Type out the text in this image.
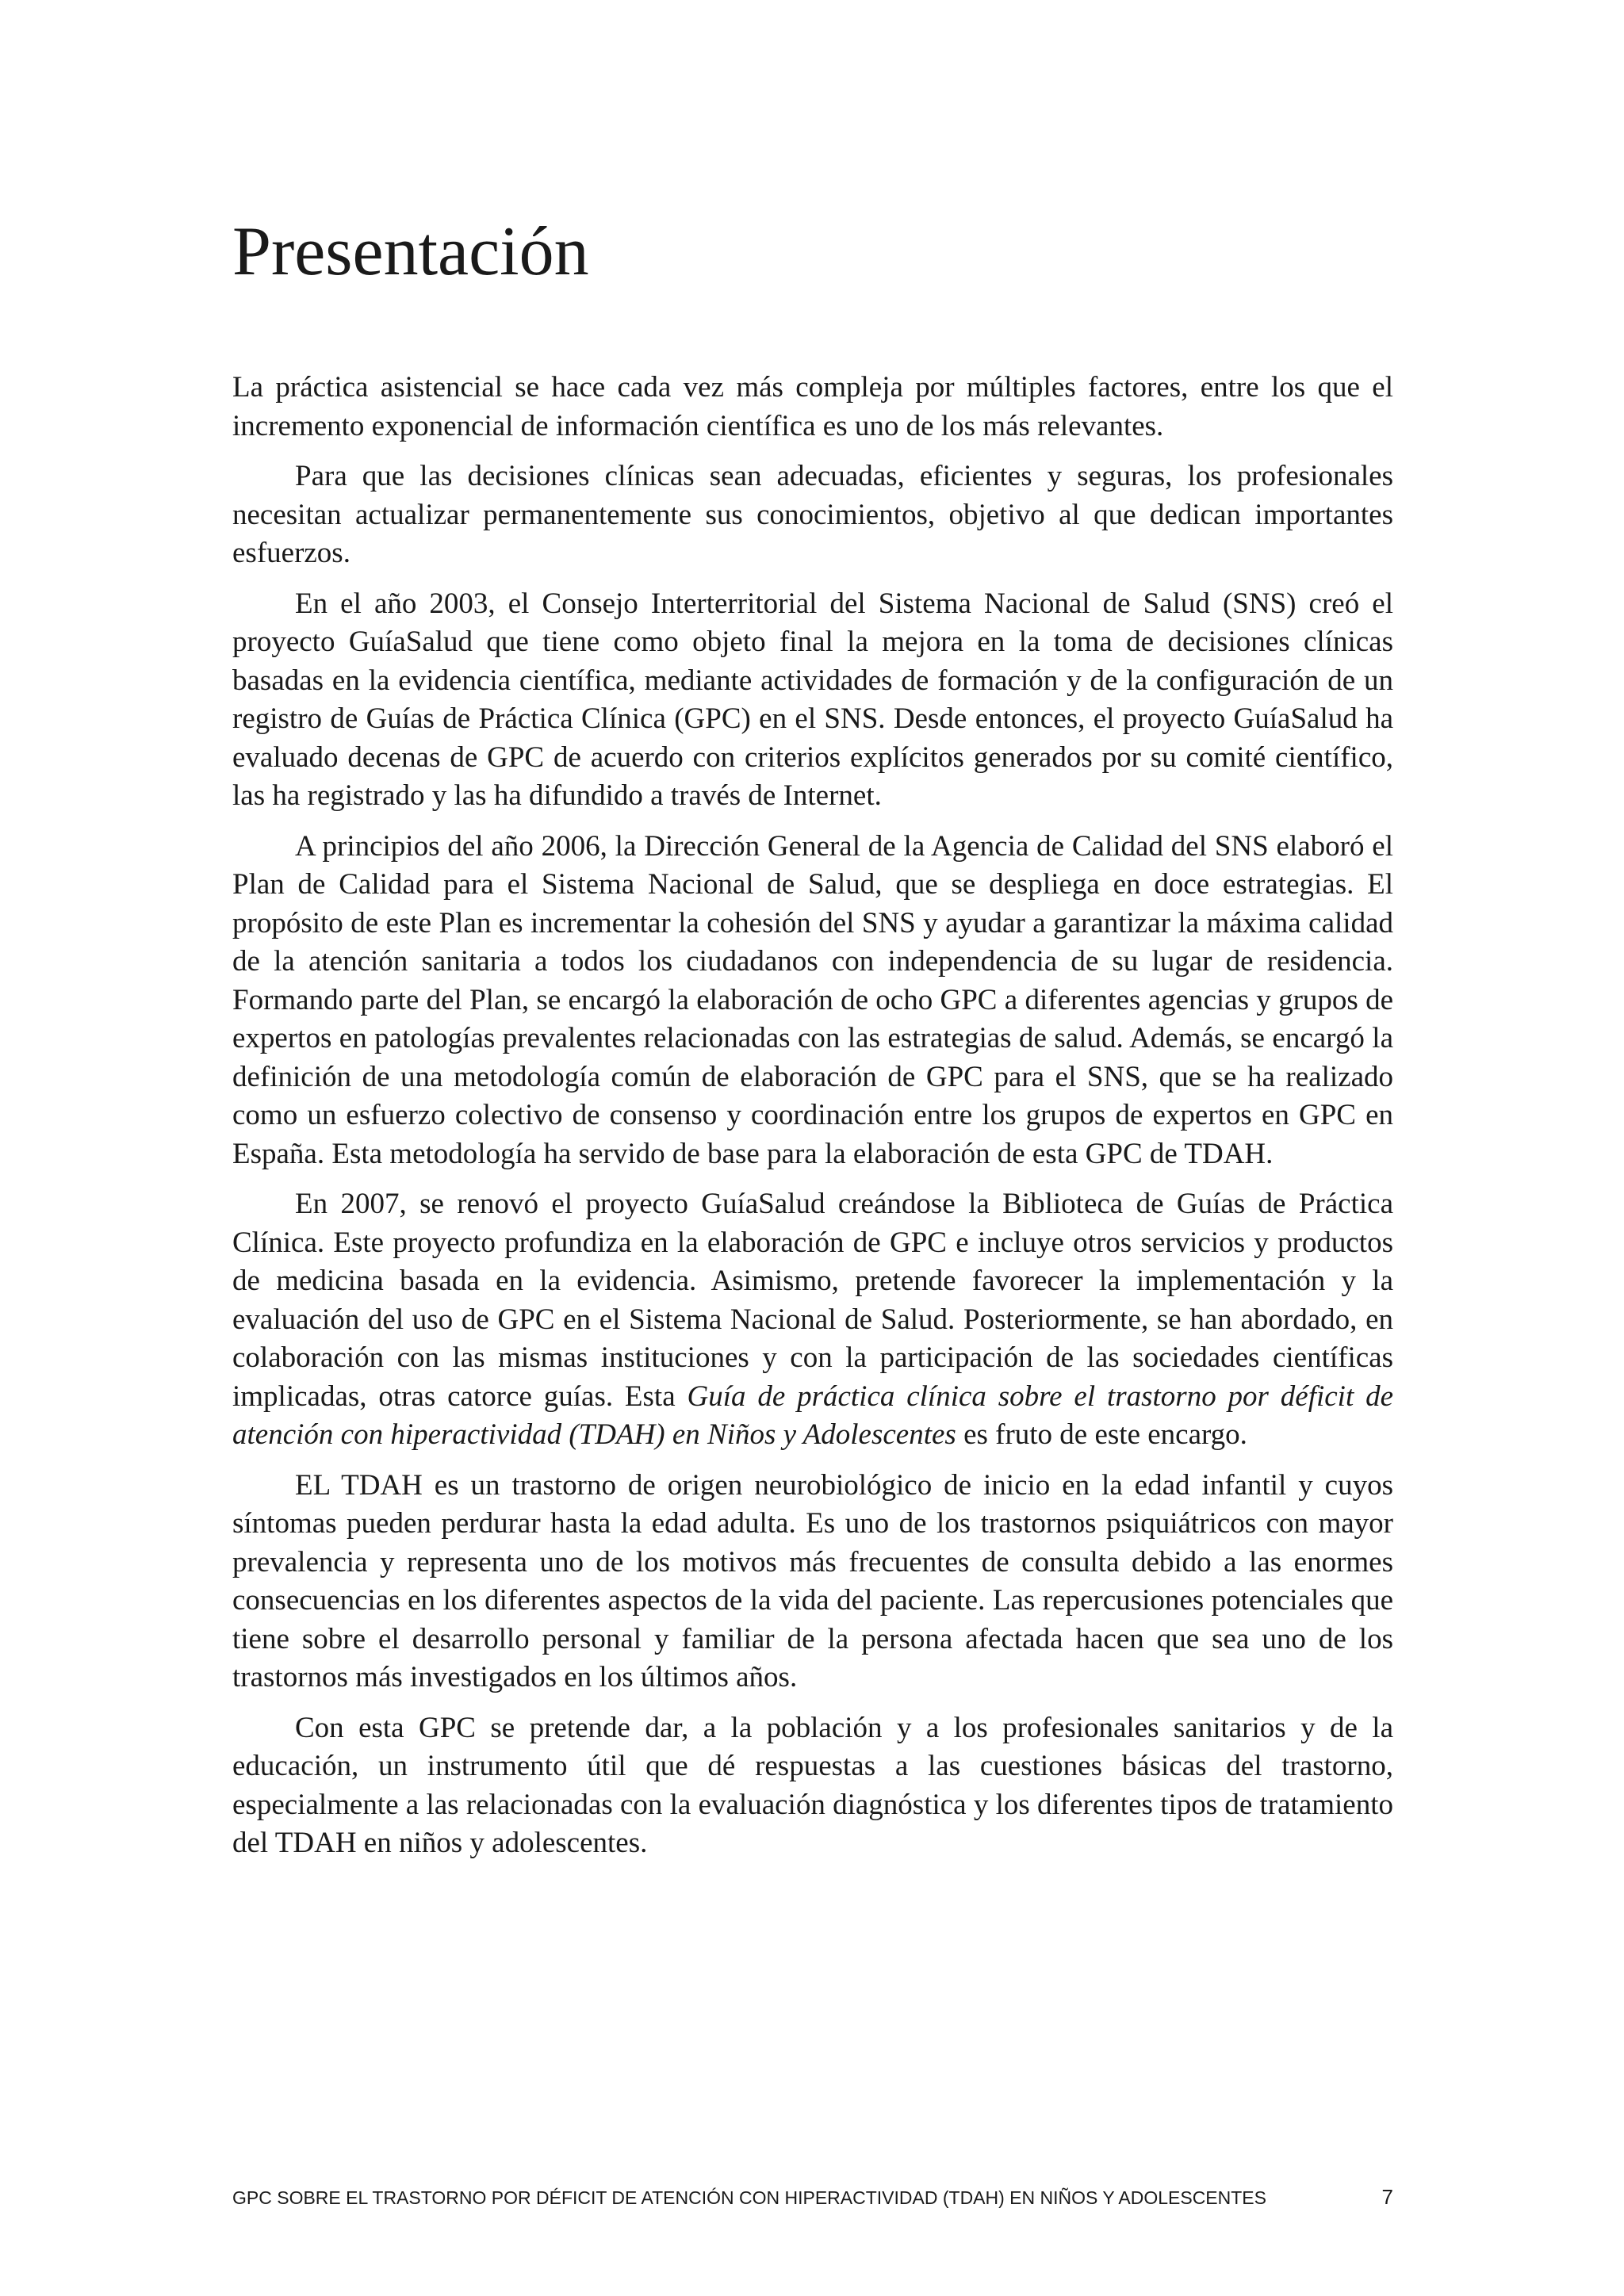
Presentación

La práctica asistencial se hace cada vez más compleja por múltiples factores, entre los que el incremento exponencial de información científica es uno de los más relevantes.

Para que las decisiones clínicas sean adecuadas, eficientes y seguras, los profesionales necesitan actualizar permanentemente sus conocimientos, objetivo al que dedican importantes esfuerzos.

En el año 2003, el Consejo Interterritorial del Sistema Nacional de Salud (SNS) creó el proyecto GuíaSalud que tiene como objeto final la mejora en la toma de decisiones clínicas basadas en la evidencia científica, mediante actividades de formación y de la configuración de un registro de Guías de Práctica Clínica (GPC) en el SNS. Desde entonces, el proyecto GuíaSalud ha evaluado decenas de GPC de acuerdo con criterios explícitos generados por su comité científico, las ha registrado y las ha difundido a través de Internet.

A principios del año 2006, la Dirección General de la Agencia de Calidad del SNS elaboró el Plan de Calidad para el Sistema Nacional de Salud, que se despliega en doce estrategias. El propósito de este Plan es incrementar la cohesión del SNS y ayudar a garantizar la máxima calidad de la atención sanitaria a todos los ciudadanos con independencia de su lugar de residencia. Formando parte del Plan, se encargó la elaboración de ocho GPC a diferentes agencias y grupos de expertos en patologías prevalentes relacionadas con las estrategias de salud. Además, se encargó la definición de una metodología común de elaboración de GPC para el SNS, que se ha realizado como un esfuerzo colectivo de consenso y coordinación entre los grupos de expertos en GPC en España. Esta metodología ha servido de base para la elaboración de esta GPC de TDAH.

En 2007, se renovó el proyecto GuíaSalud creándose la Biblioteca de Guías de Práctica Clínica. Este proyecto profundiza en la elaboración de GPC e incluye otros servicios y productos de medicina basada en la evidencia. Asimismo, pretende favorecer la implementación y la evaluación del uso de GPC en el Sistema Nacional de Salud. Posteriormente, se han abordado, en colaboración con las mismas instituciones y con la participación de las sociedades científicas implicadas, otras catorce guías. Esta Guía de práctica clínica sobre el trastorno por déficit de atención con hiperactividad (TDAH) en Niños y Adolescentes es fruto de este encargo.

EL TDAH es un trastorno de origen neurobiológico de inicio en la edad infantil y cuyos síntomas pueden perdurar hasta la edad adulta. Es uno de los trastornos psiquiátricos con mayor prevalencia y representa uno de los motivos más frecuentes de consulta debido a las enormes consecuencias en los diferentes aspectos de la vida del paciente. Las repercusiones potenciales que tiene sobre el desarrollo personal y familiar de la persona afectada hacen que sea uno de los trastornos más investigados en los últimos años.

Con esta GPC se pretende dar, a la población y a los profesionales sanitarios y de la educación, un instrumento útil que dé respuestas a las cuestiones básicas del trastorno, especialmente a las relacionadas con la evaluación diagnóstica y los diferentes tipos de tratamiento del TDAH en niños y adolescentes.

GPC SOBRE EL TRASTORNO POR DÉFICIT DE ATENCIÓN CON HIPERACTIVIDAD (TDAH) EN NIÑOS Y ADOLESCENTES	7
